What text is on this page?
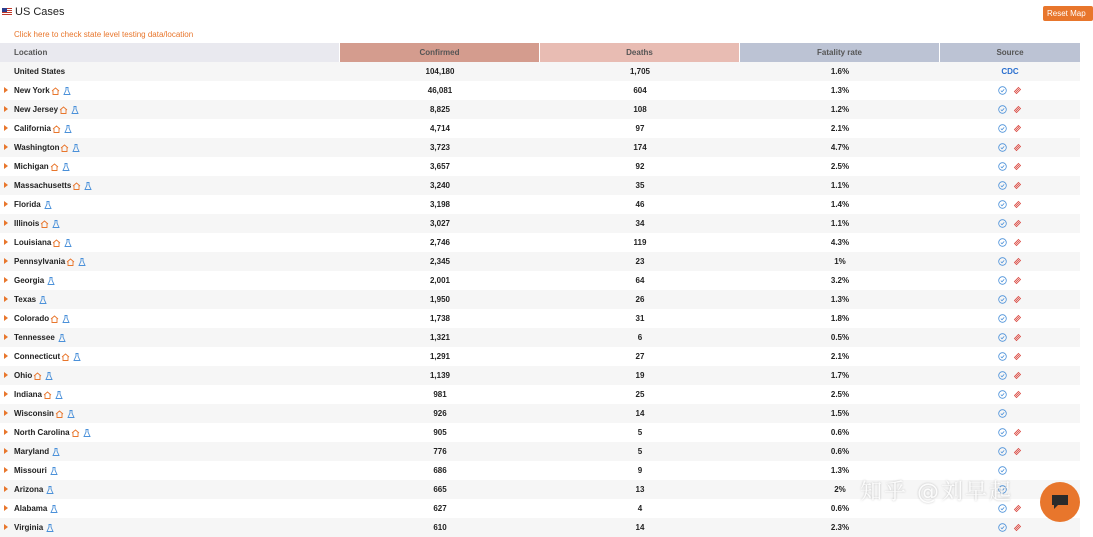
US Cases	Reset Map
Click here to check state level testing data/location
Location	Confirmed	Deaths	Fatality rate	Source
United States	104,180	1,705	1.6%	CDC
New York	46,081	604	1.3%
New Jersey	8,825	108	1.2%
California	4,714	97	2.1%
Washington	3,723	174	4.7%
Michigan	3,657	92	2.5%
Massachusetts	3,240	35	1.1%
Florida	3,198	46	1.4%
Illinois	3,027	34	1.1%
Louisiana	2,746	119	4.3%
Pennsylvania	2,345	23	1%
Georgia	2,001	64	3.2%
Texas	1,950	26	1.3%
Colorado	1,738	31	1.8%
Tennessee	1,321	6	0.5%
Connecticut	1,291	27	2.1%
Ohio	1,139	19	1.7%
Indiana	981	25	2.5%
Wisconsin	926	14	1.5%
North Carolina	905	5	0.6%
Maryland	776	5	0.6%
Missouri	686	9	1.3%
Arizona	665	13	2%
Alabama	627	4	0.6%
Virginia	610	14	2.3%
知乎 @刘早起
